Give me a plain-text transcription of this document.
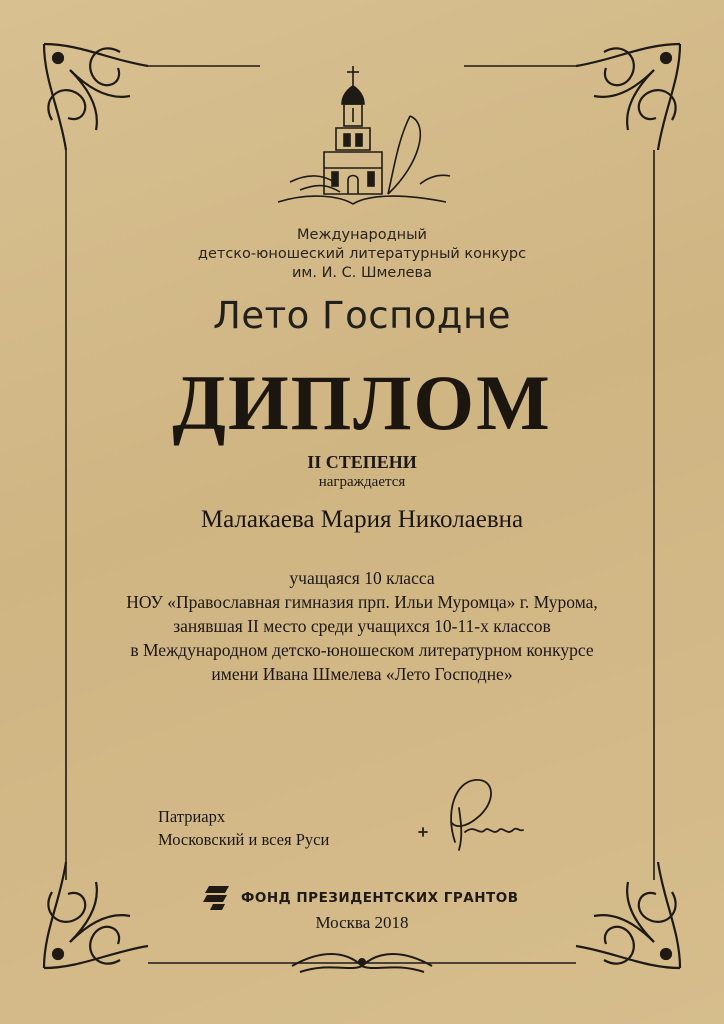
Международный
детско-юношеский литературный конкурс
им. И. С. Шмелева
Лето Господне
ДИПЛОМ
II СТЕПЕНИ
награждается
Малакаева Мария Николаевна
учащаяся 10 класса
НОУ «Православная гимназия прп. Ильи Муромца» г. Мурома,
занявшая II место среди учащихся 10-11-х классов
в Международном детско-юношеском литературном конкурсе
имени Ивана Шмелева «Лето Господне»
Патриарх
Московский и всея Руси
ФОНД ПРЕЗИДЕНТСКИХ ГРАНТОВ
Москва 2018
